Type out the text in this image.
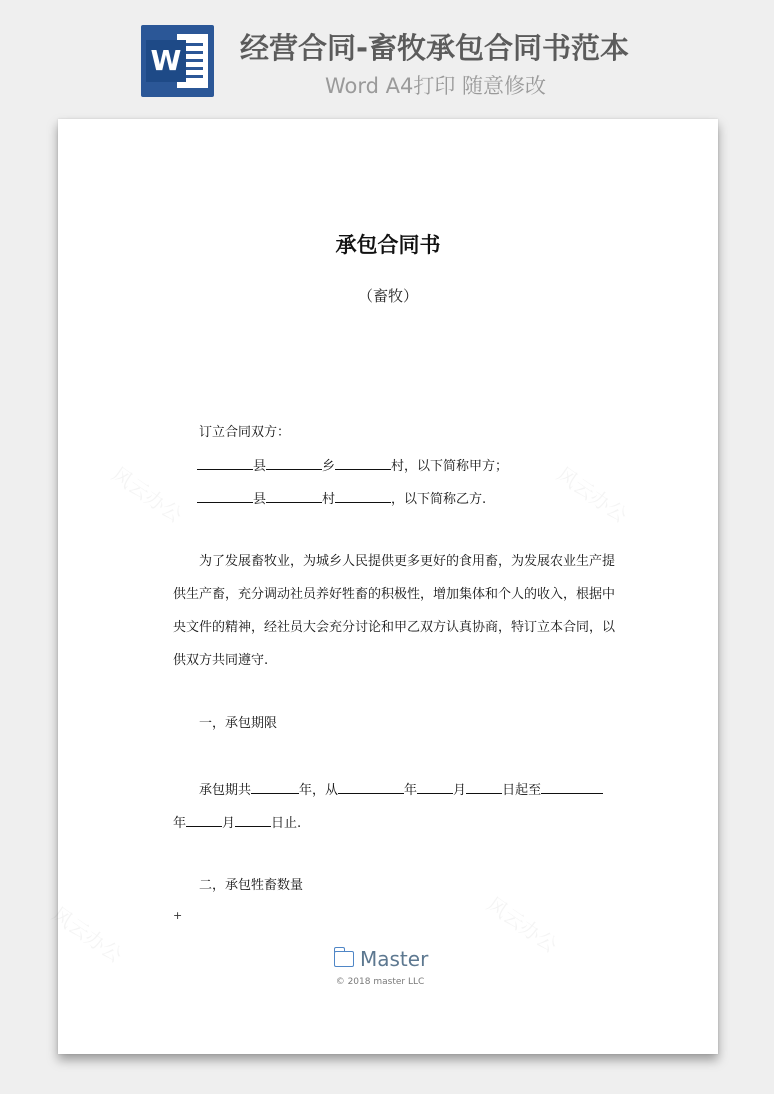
W 经营合同-畜牧承包合同书范本
Word A4打印 随意修改
承包合同书
（畜牧）
订立合同双方：
县	乡	村，以下简称甲方；
县	村	，以下简称乙方.
为了发展畜牧业，为城乡人民提供更多更好的食用畜，为发展农业生产提
供生产畜，充分调动社员养好牲畜的积极性，增加集体和个人的收入，根据中
央文件的精神，经社员大会充分讨论和甲乙双方认真协商，特订立本合同，以
供双方共同遵守.
一，承包期限
承包期共	年，从	年	月	日起至
年	月	日止.
二，承包牲畜数量
+
Master
© 2018 master LLC
